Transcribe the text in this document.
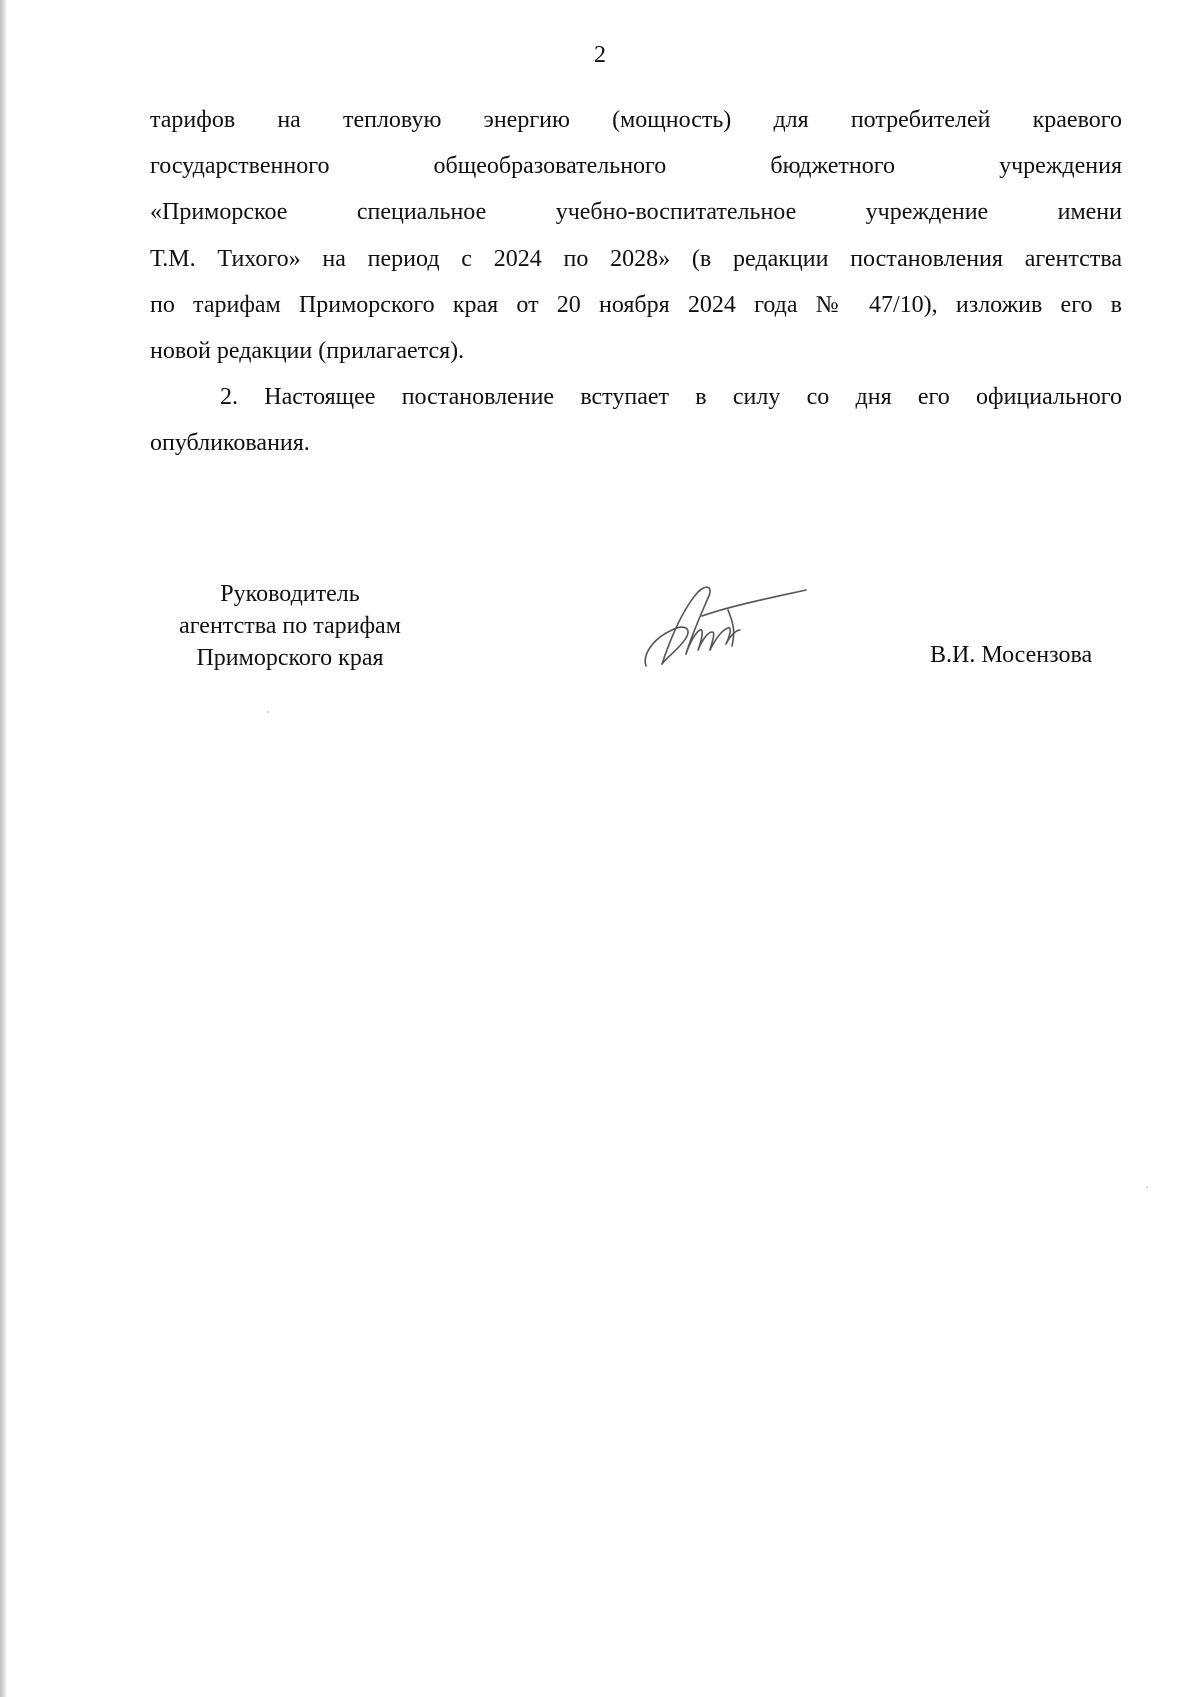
2
тарифов на тепловую энергию (мощность) для потребителей краевого
государственного общеобразовательного бюджетного учреждения
«Приморское специальное учебно-воспитательное учреждение имени
Т.М. Тихого» на период с 2024 по 2028» (в редакции постановления агентства
по тарифам Приморского края от 20 ноября 2024 года № 47/10), изложив его в
новой редакции (прилагается).
2. Настоящее постановление вступает в силу со дня его официального
опубликования.
Руководитель
агентства по тарифам
Приморского края	В.И. Мосензова
